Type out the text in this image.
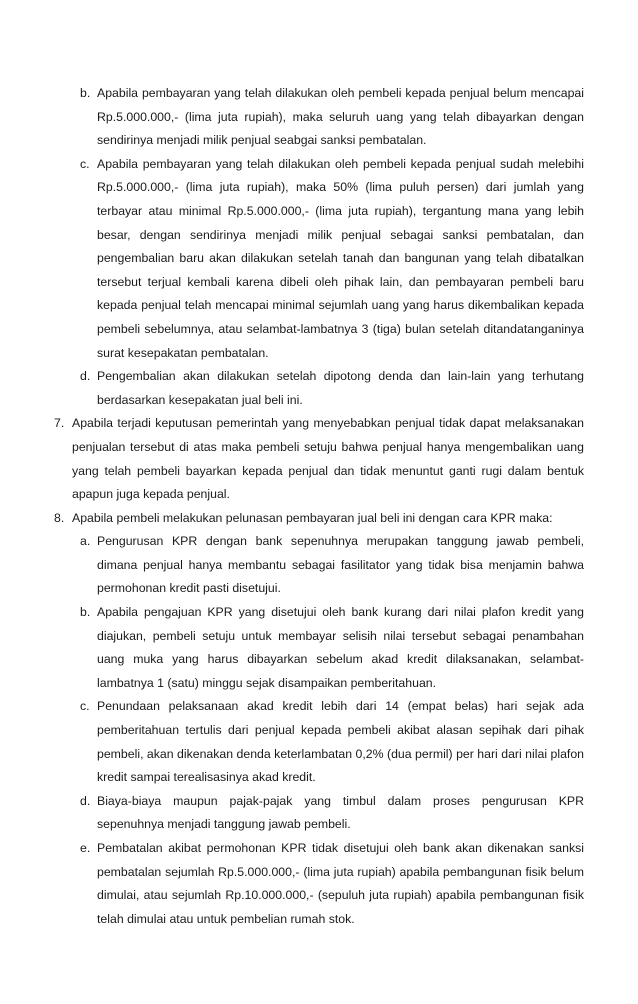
b. Apabila pembayaran yang telah dilakukan oleh pembeli kepada penjual belum mencapai Rp.5.000.000,- (lima juta rupiah), maka seluruh uang yang telah dibayarkan dengan sendirinya menjadi milik penjual seabgai sanksi pembatalan.

c. Apabila pembayaran yang telah dilakukan oleh pembeli kepada penjual sudah melebihi Rp.5.000.000,- (lima juta rupiah), maka 50% (lima puluh persen) dari jumlah yang terbayar atau minimal Rp.5.000.000,- (lima juta rupiah), tergantung mana yang lebih besar, dengan sendirinya menjadi milik penjual sebagai sanksi pembatalan, dan pengembalian baru akan dilakukan setelah tanah dan bangunan yang telah dibatalkan tersebut terjual kembali karena dibeli oleh pihak lain, dan pembayaran pembeli baru kepada penjual telah mencapai minimal sejumlah uang yang harus dikembalikan kepada pembeli sebelumnya, atau selambat-lambatnya 3 (tiga) bulan setelah ditandatanganinya surat kesepakatan pembatalan.

d. Pengembalian akan dilakukan setelah dipotong denda dan lain-lain yang terhutang berdasarkan kesepakatan jual beli ini.

7. Apabila terjadi keputusan pemerintah yang menyebabkan penjual tidak dapat melaksanakan penjualan tersebut di atas maka pembeli setuju bahwa penjual hanya mengembalikan uang yang telah pembeli bayarkan kepada penjual dan tidak menuntut ganti rugi dalam bentuk apapun juga kepada penjual.

8. Apabila pembeli melakukan pelunasan pembayaran jual beli ini dengan cara KPR maka:

a. Pengurusan KPR dengan bank sepenuhnya merupakan tanggung jawab pembeli, dimana penjual hanya membantu sebagai fasilitator yang tidak bisa menjamin bahwa permohonan kredit pasti disetujui.

b. Apabila pengajuan KPR yang disetujui oleh bank kurang dari nilai plafon kredit yang diajukan, pembeli setuju untuk membayar selisih nilai tersebut sebagai penambahan uang muka yang harus dibayarkan sebelum akad kredit dilaksanakan, selambat-lambatnya 1 (satu) minggu sejak disampaikan pemberitahuan.

c. Penundaan pelaksanaan akad kredit lebih dari 14 (empat belas) hari sejak ada pemberitahuan tertulis dari penjual kepada pembeli akibat alasan sepihak dari pihak pembeli, akan dikenakan denda keterlambatan 0,2% (dua permil) per hari dari nilai plafon kredit sampai terealisasinya akad kredit.

d. Biaya-biaya maupun pajak-pajak yang timbul dalam proses pengurusan KPR sepenuhnya menjadi tanggung jawab pembeli.

e. Pembatalan akibat permohonan KPR tidak disetujui oleh bank akan dikenakan sanksi pembatalan sejumlah Rp.5.000.000,- (lima juta rupiah) apabila pembangunan fisik belum dimulai, atau sejumlah Rp.10.000.000,- (sepuluh juta rupiah) apabila pembangunan fisik telah dimulai atau untuk pembelian rumah stok.
